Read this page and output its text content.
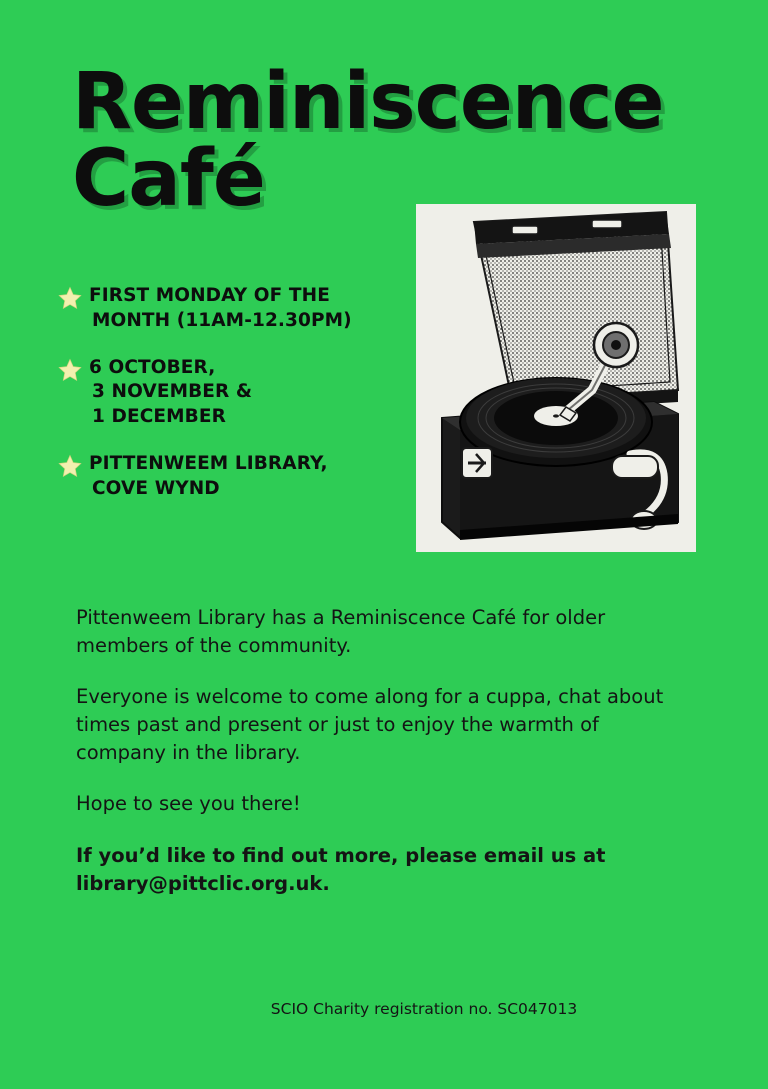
Reminiscence
Café
FIRST MONDAY OF THE
MONTH (11AM-12.30PM)
6 OCTOBER,
3 NOVEMBER &
1 DECEMBER
PITTENWEEM LIBRARY,
COVE WYND

Pittenweem Library has a Reminiscence Café for older members of the community.

Everyone is welcome to come along for a cuppa, chat about times past and present or just to enjoy the warmth of company in the library.

Hope to see you there!

If you’d like to find out more, please email us at library@pittclic.org.uk.

SCIO Charity registration no. SC047013
